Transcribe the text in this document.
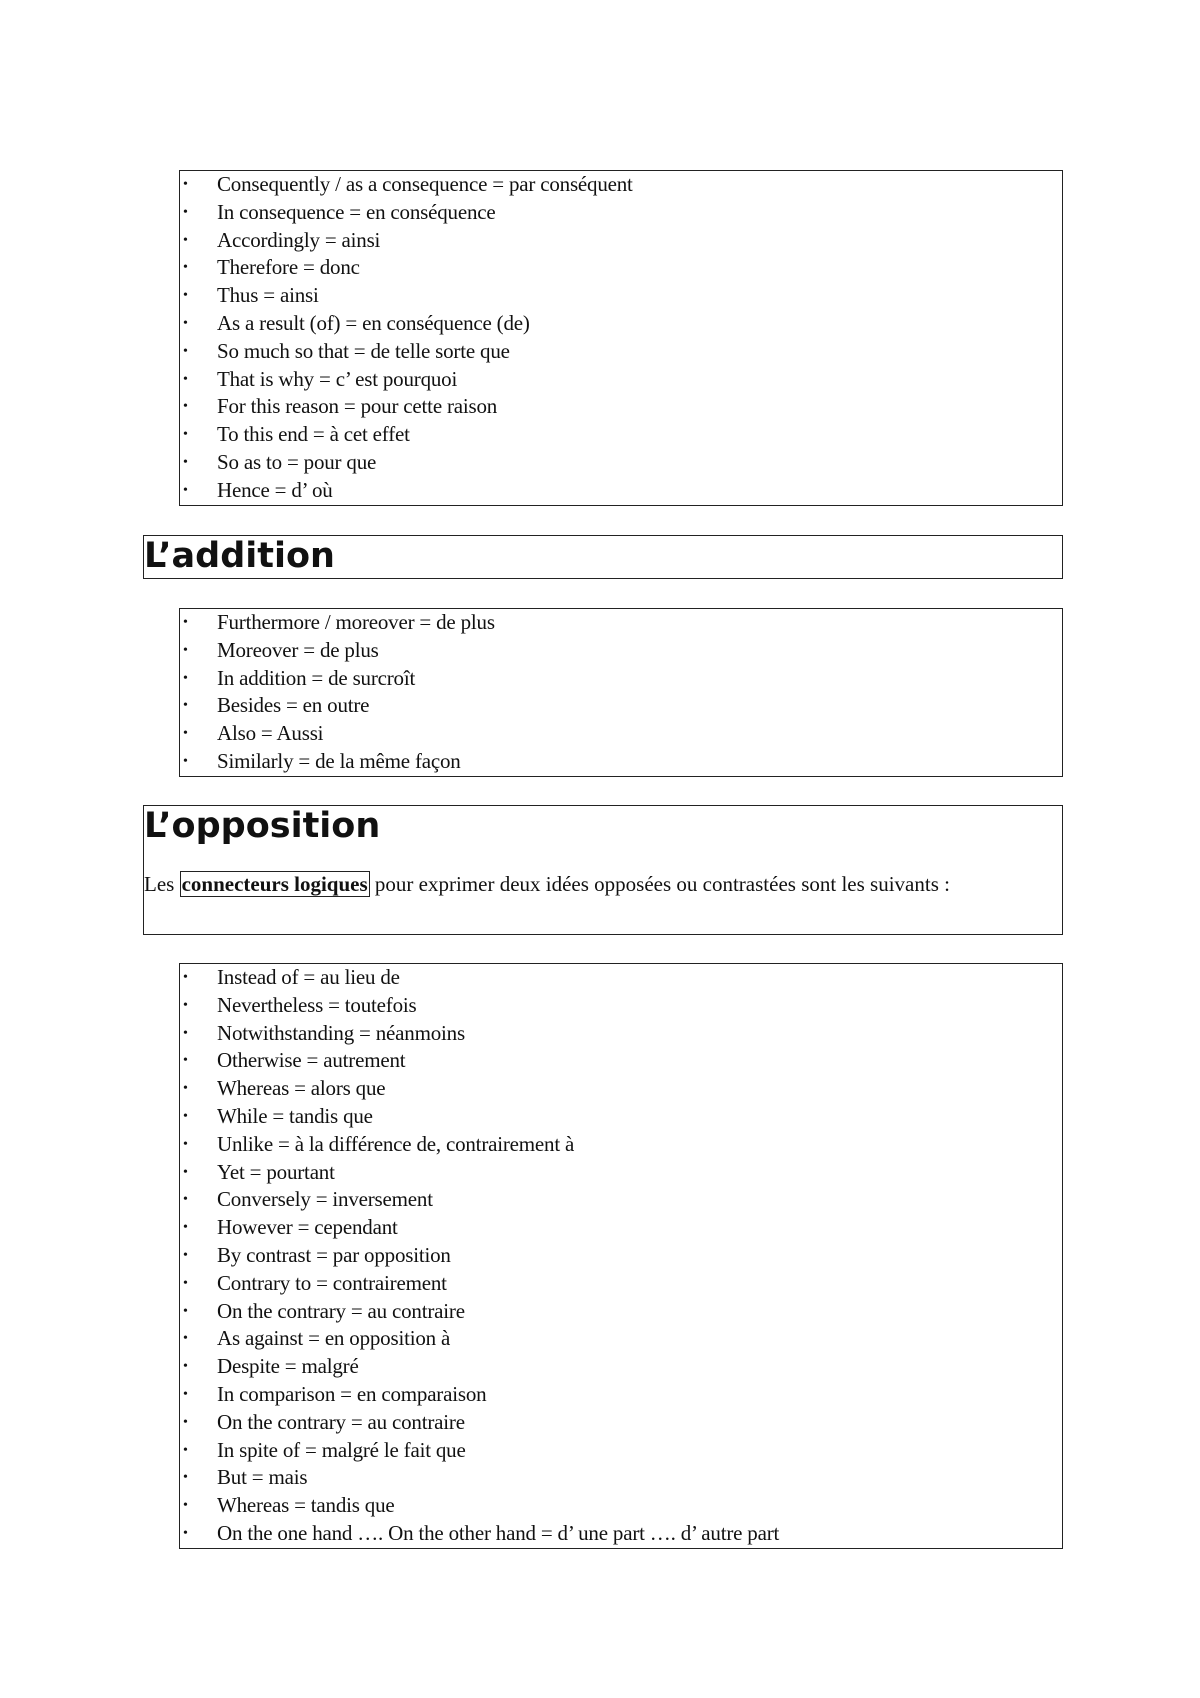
• Consequently / as a consequence = par conséquent
• In consequence = en conséquence
• Accordingly = ainsi
• Therefore = donc
• Thus = ainsi
• As a result (of) = en conséquence (de)
• So much so that = de telle sorte que
• That is why = c’ est pourquoi
• For this reason = pour cette raison
• To this end = à cet effet
• So as to = pour que
• Hence = d’ où
L’addition
• Furthermore / moreover = de plus
• Moreover = de plus
• In addition = de surcroît
• Besides = en outre
• Also = Aussi
• Similarly = de la même façon
L’opposition

Les connecteurs logiques pour exprimer deux idées opposées ou contrastées sont les suivants :

• Instead of = au lieu de
• Nevertheless = toutefois
• Notwithstanding = néanmoins
• Otherwise = autrement
• Whereas = alors que
• While = tandis que
• Unlike = à la différence de, contrairement à
• Yet = pourtant
• Conversely = inversement
• However = cependant
• By contrast = par opposition
• Contrary to = contrairement
• On the contrary = au contraire
• As against = en opposition à
• Despite = malgré
• In comparison = en comparaison
• On the contrary = au contraire
• In spite of = malgré le fait que
• But = mais
• Whereas = tandis que
• On the one hand …. On the other hand = d’ une part …. d’ autre part
